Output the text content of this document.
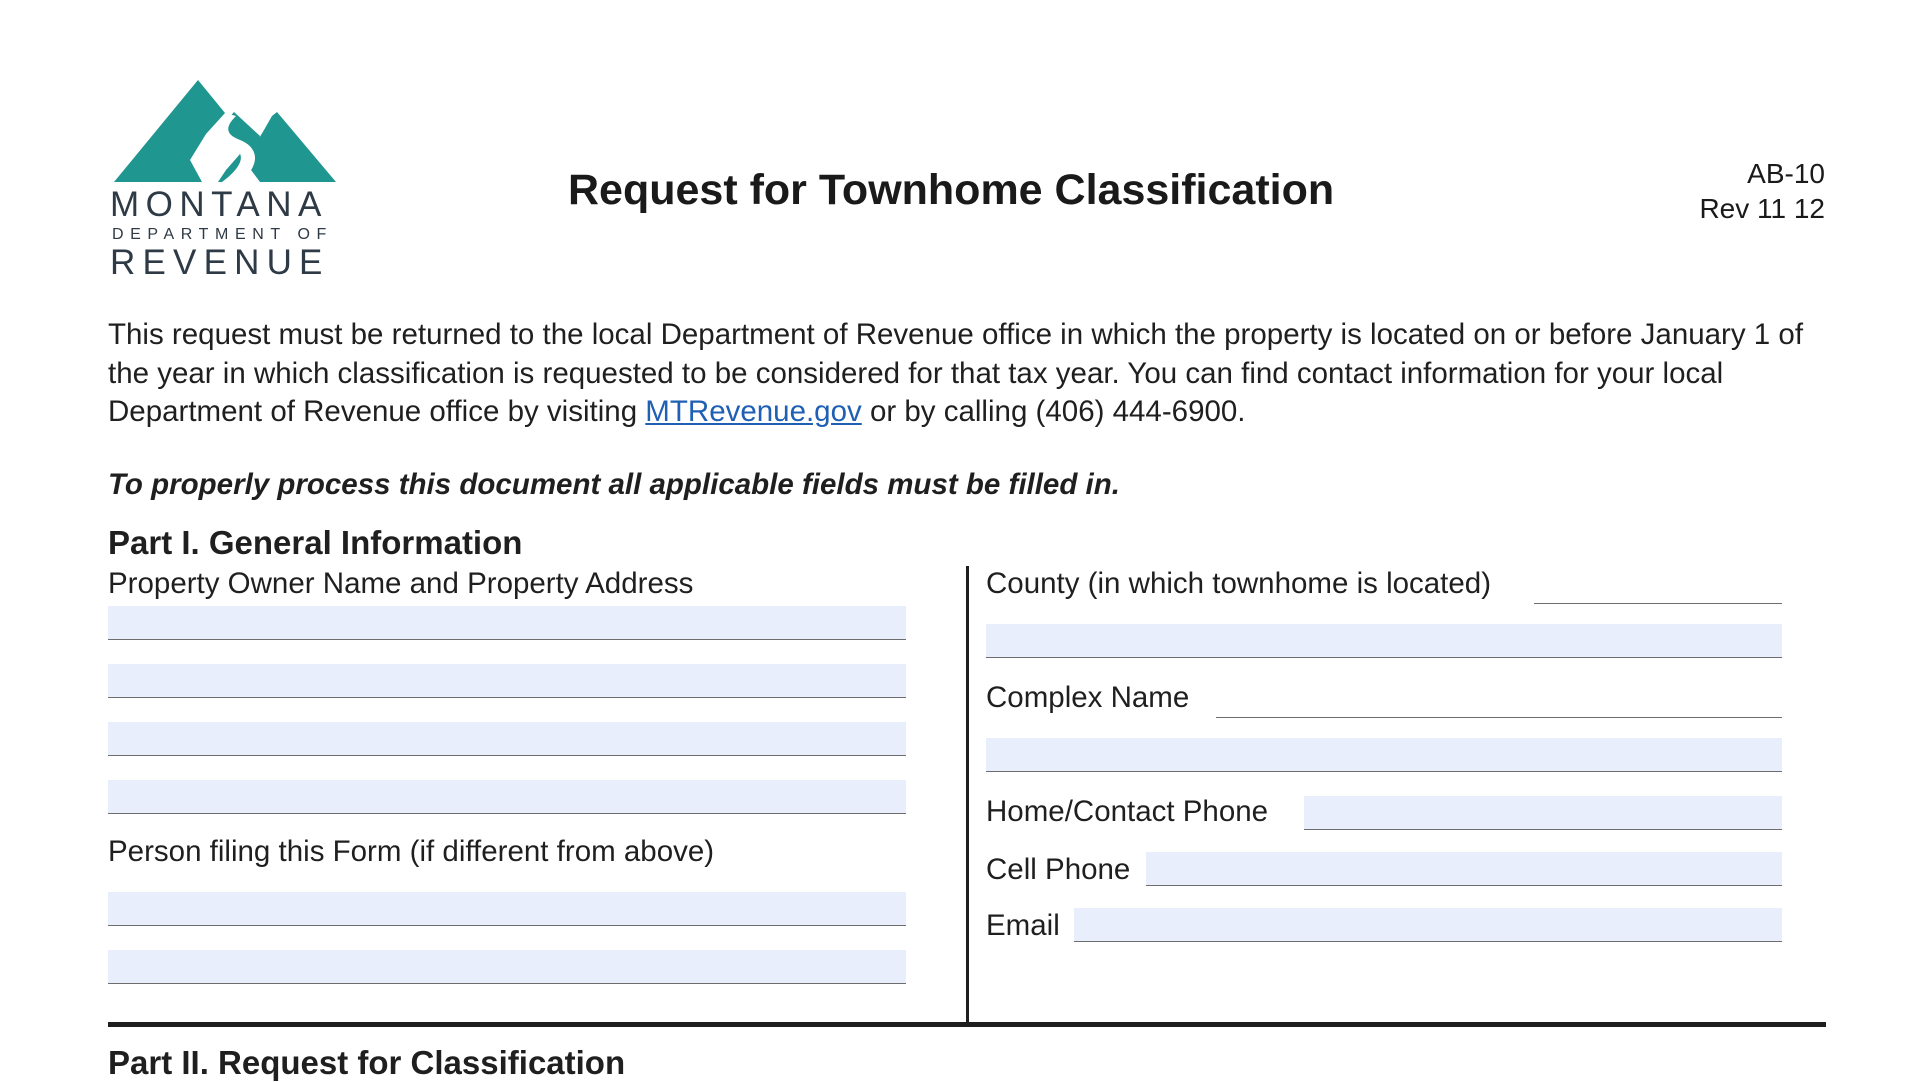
MONTANA
DEPARTMENT OF
REVENUE
Request for Townhome Classification	AB-10
Rev 11 12

This request must be returned to the local Department of Revenue office in which the property is located on or before January 1 of the year in which classification is requested to be considered for that tax year. You can find contact information for your local Department of Revenue office by visiting MTRevenue.gov or by calling (406) 444-6900.

To properly process this document all applicable fields must be filled in.
Part I. General Information
Property Owner Name and Property Address
Person filing this Form (if different from above)
County (in which townhome is located)
Complex Name
Home/Contact Phone
Cell Phone
Email
Part II. Request for Classification
